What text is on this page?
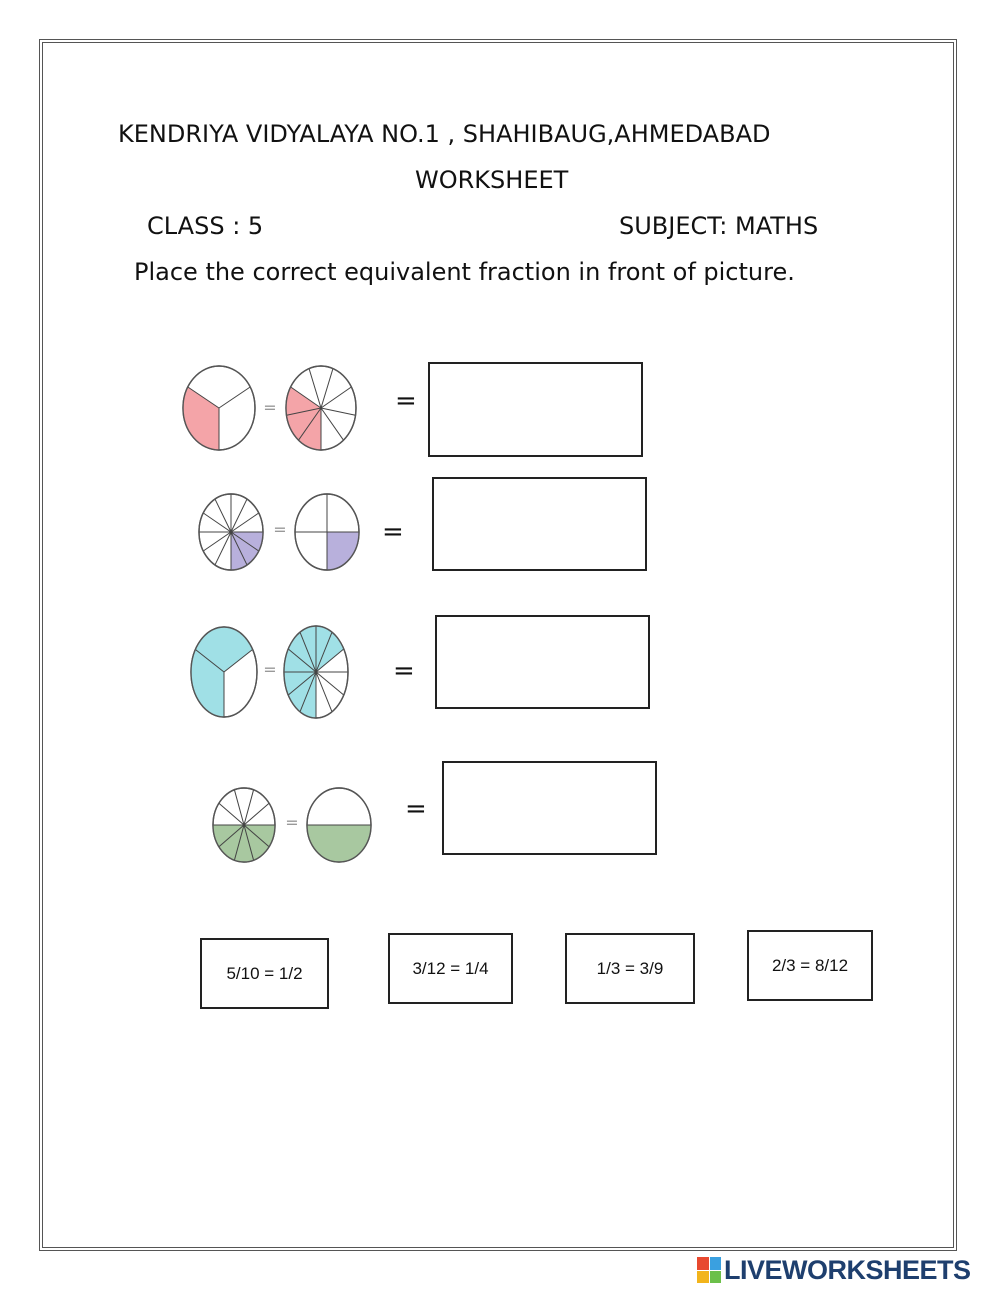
KENDRIYA VIDYALAYA NO.1 , SHAHIBAUG,AHMEDABAD
WORKSHEET
CLASS : 5	SUBJECT: MATHS
Place the correct equivalent fraction in front of picture.
=
=
=
=
=
=
=
=
5/10 = 1/2	3/12 = 1/4	1/3 = 3/9	2/3 = 8/12
LIVEWORKSHEETS
